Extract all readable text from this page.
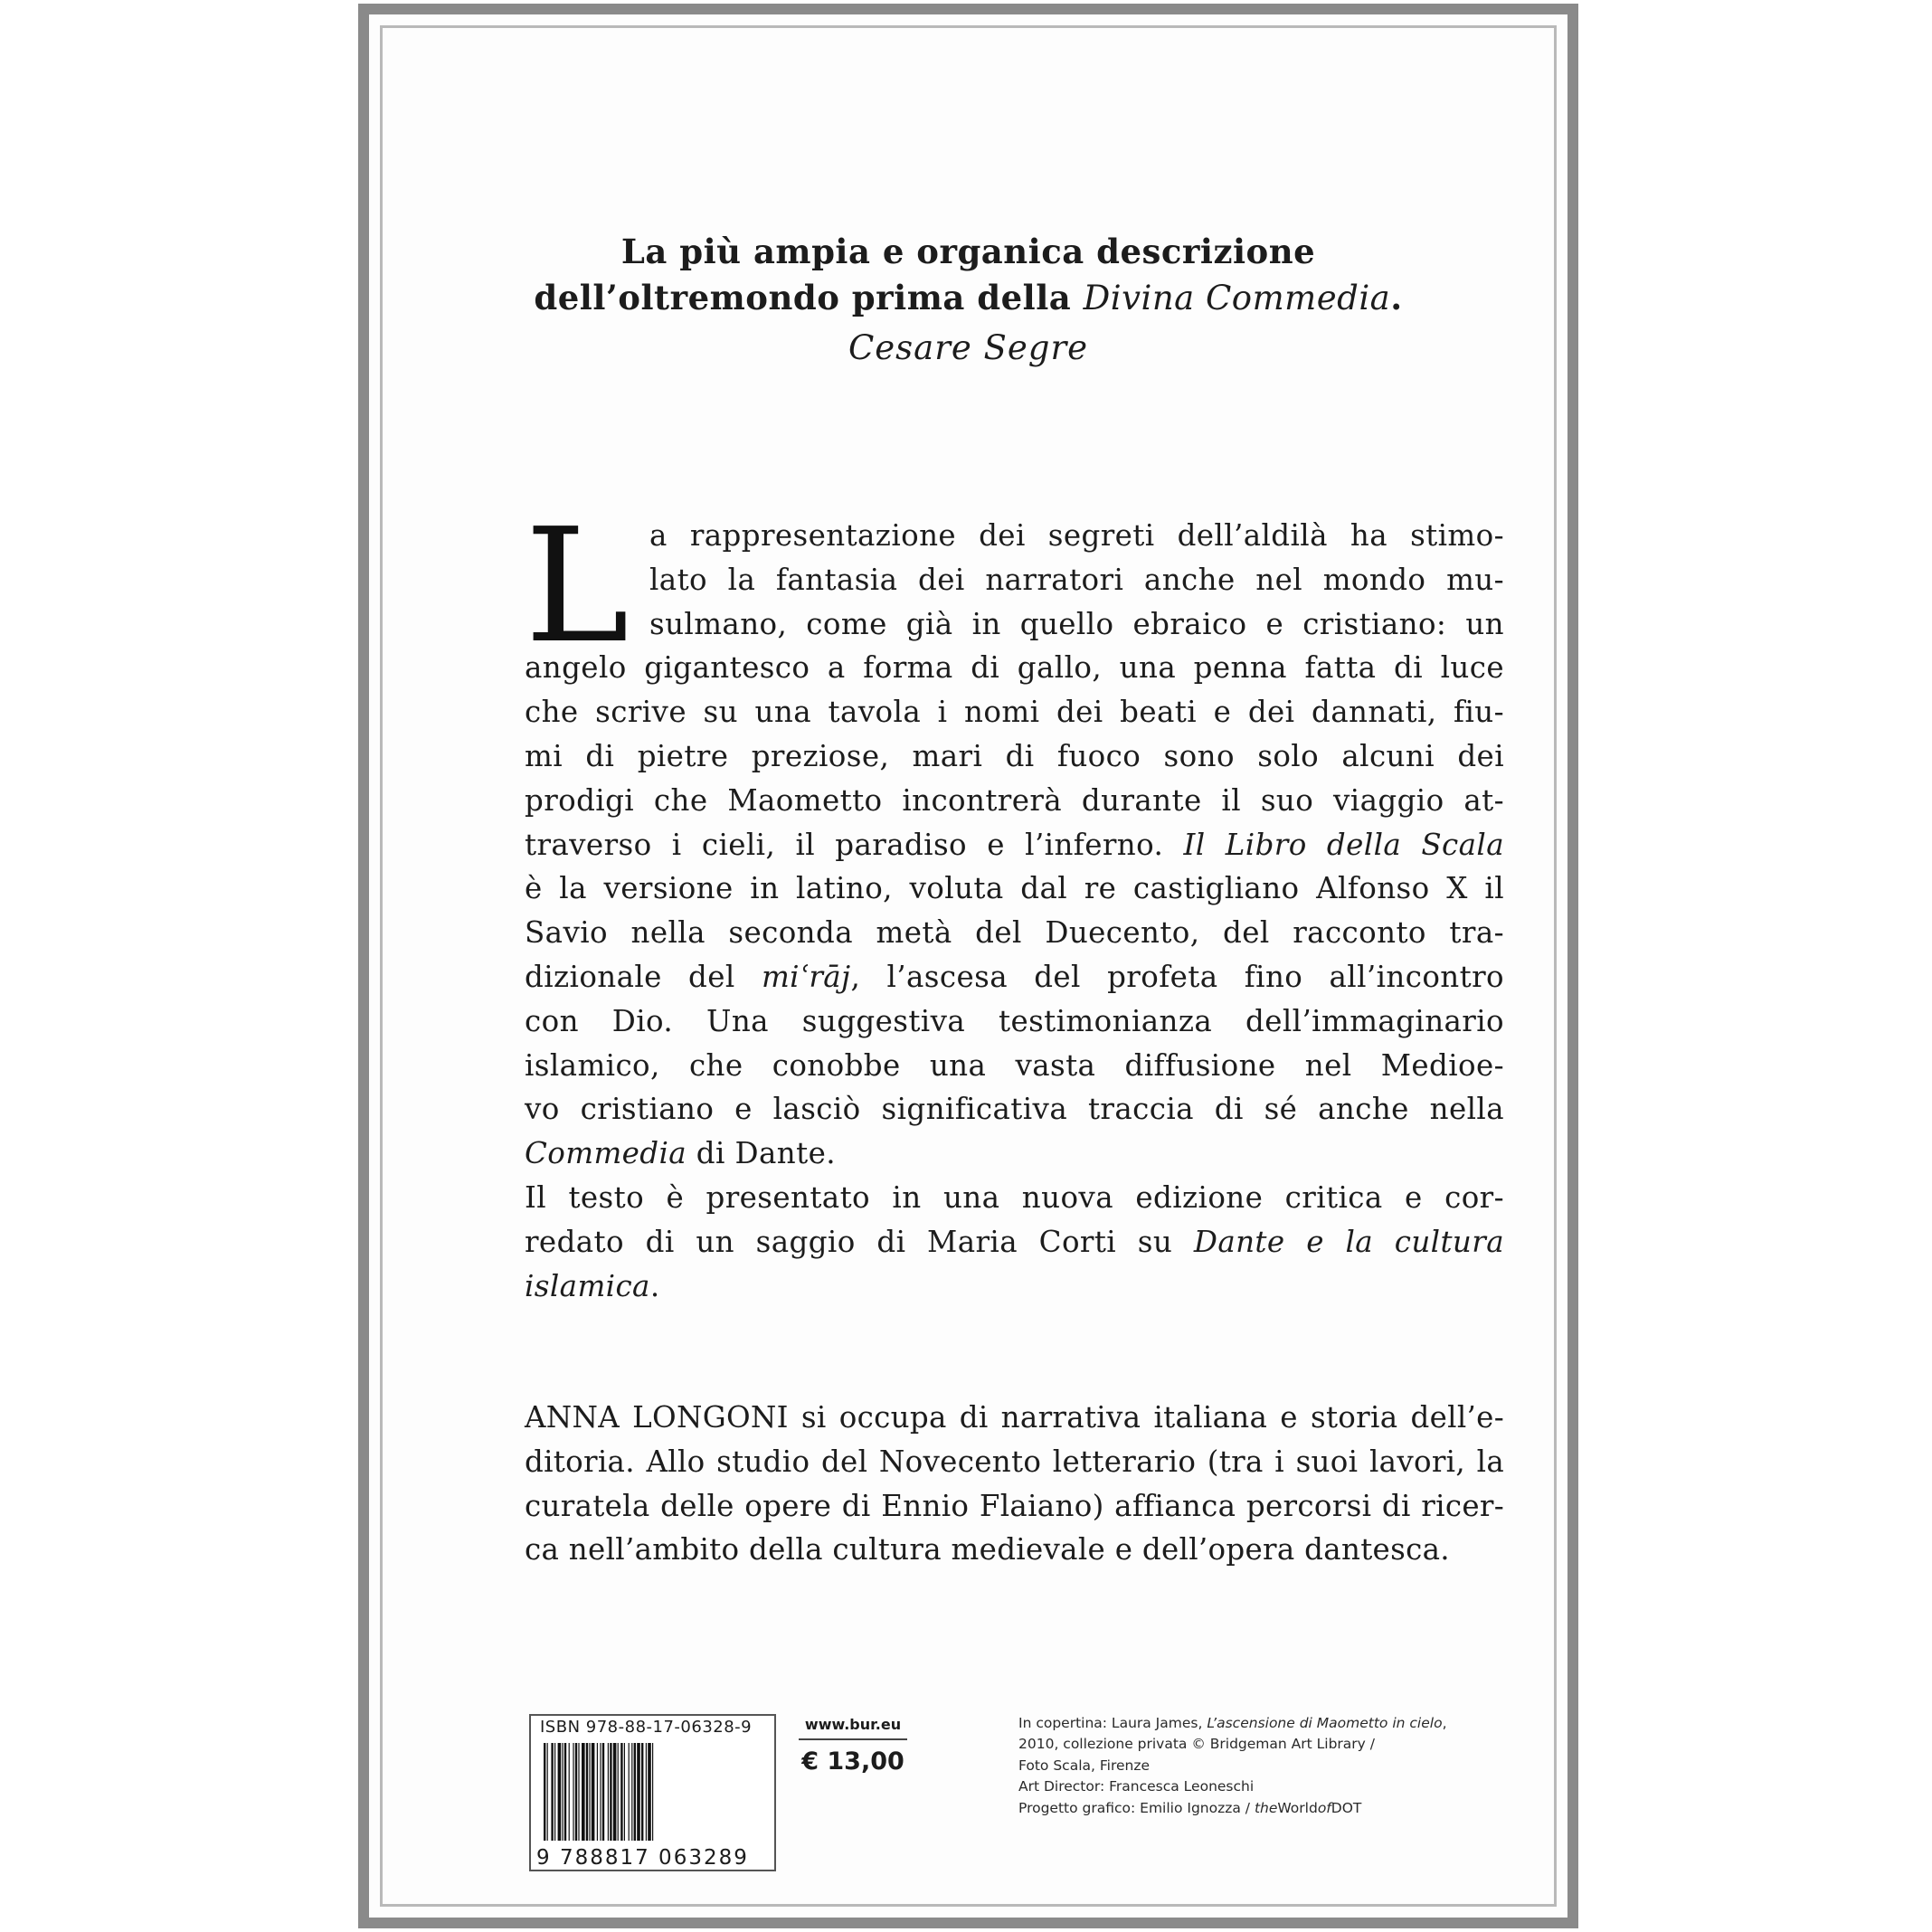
La più ampia e organica descrizione
dell’oltremondo prima della Divina Commedia.
Cesare Segre
L a rappresentazione dei segreti dell’aldilà ha stimo-
lato la fantasia dei narratori anche nel mondo mu-
sulmano, come già in quello ebraico e cristiano: un
angelo gigantesco a forma di gallo, una penna fatta di luce
che scrive su una tavola i nomi dei beati e dei dannati, fiu-
mi di pietre preziose, mari di fuoco sono solo alcuni dei
prodigi che Maometto incontrerà durante il suo viaggio at-
traverso i cieli, il paradiso e l’inferno. Il Libro della Scala
è la versione in latino, voluta dal re castigliano Alfonso X il
Savio nella seconda metà del Duecento, del racconto tra-
dizionale del miʿrāj, l’ascesa del profeta fino all’incontro
con Dio. Una suggestiva testimonianza dell’immaginario
islamico, che conobbe una vasta diffusione nel Medioe-
vo cristiano e lasciò significativa traccia di sé anche nella
Commedia di Dante.
Il testo è presentato in una nuova edizione critica e cor-
redato di un saggio di Maria Corti su Dante e la cultura
islamica.
ANNA LONGONI si occupa di narrativa italiana e storia dell’e-
ditoria. Allo studio del Novecento letterario (tra i suoi lavori, la
curatela delle opere di Ennio Flaiano) affianca percorsi di ricer-
ca nell’ambito della cultura medievale e dell’opera dantesca.
ISBN 978-88-17-06328-9
9 788817 063289
www.bur.eu
€ 13,00
In copertina: Laura James, L’ascensione di Maometto in cielo,
2010, collezione privata © Bridgeman Art Library /
Foto Scala, Firenze
Art Director: Francesca Leoneschi
Progetto grafico: Emilio Ignozza / theWorldofDOT
